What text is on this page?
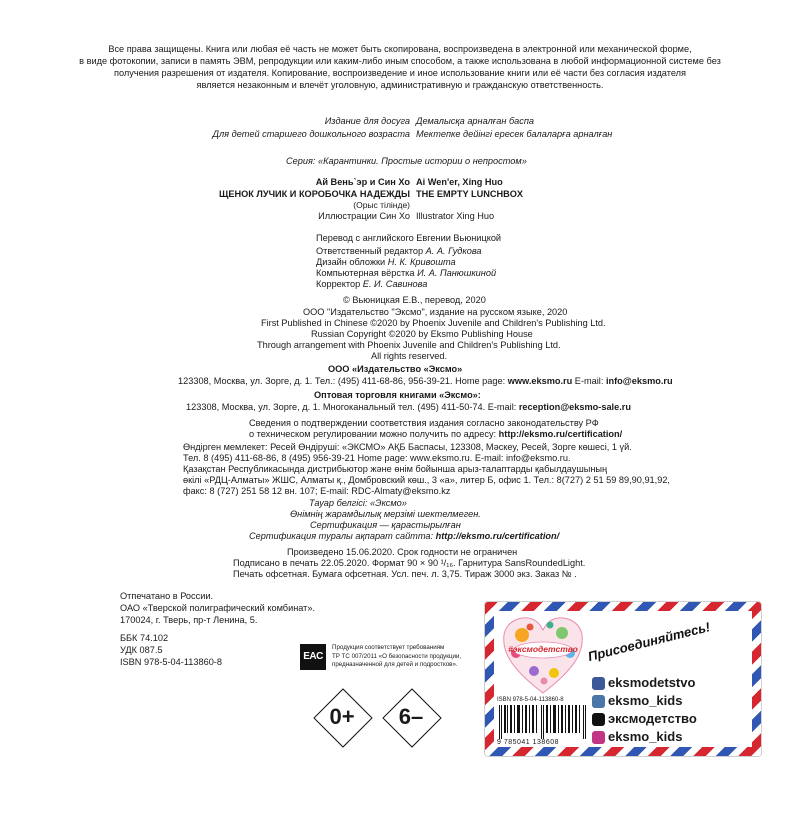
Все права защищены. Книга или любая её часть не может быть скопирована, воспроизведена в электронной или механической форме,
в виде фотокопии, записи в память ЭВМ, репродукции или каким-либо иным способом, а также использована в любой информационной системе без
получения разрешения от издателя. Копирование, воспроизведение и иное использование книги или её части без согласия издателя
является незаконным и влечёт уголовную, административную и гражданскую ответственность.
Издание для досуга Демалысқа арналған баспа
Для детей старшего дошкольного возраста Мектепке дейінгі ересек балаларға арналған
Серия: «Карантинки. Простые истории о непростом»
Ай Вень`эр и Син Хо Ai Wen'er, Xing Huo
ЩЕНОК ЛУЧИК И КОРОБОЧКА НАДЕЖДЫ THE EMPTY LUNCHBOX
(Орыс тілінде)
Иллюстрации Син Хо Illustrator Xing Huo
Перевод с английского Евгении Вьюницкой
Ответственный редактор А. А. Гудкова
Дизайн обложки Н. К. Кривошта
Компьютерная вёрстка И. А. Панюшкиной
Корректор Е. И. Савинова
© Вьюницкая Е.В., перевод, 2020
ООО "Издательство "Эксмо", издание на русском языке, 2020
First Published in Chinese ©2020 by Phoenix Juvenile and Children's Publishing Ltd.
Russian Copyright ©2020 by Eksmo Publishing House
Through arrangement with Phoenix Juvenile and Children's Publishing Ltd.
All rights reserved.
ООО «Издательство «Эксмо»
123308, Москва, ул. Зорге, д. 1. Тел.: (495) 411-68-86, 956-39-21. Home page: www.eksmo.ru E-mail: info@eksmo.ru
Оптовая торговля книгами «Эксмо»:
123308, Москва, ул. Зорге, д. 1. Многоканальный тел. (495) 411-50-74. E-mail: reception@eksmo-sale.ru
Сведения о подтверждении соответствия издания согласно законодательству РФ
о техническом регулировании можно получить по адресу: http://eksmo.ru/certification/
Өндірген мемлекет: Ресей Өндіруші: «ЭКСМО» АҚБ Баспасы, 123308, Мәскеу, Ресей, Зорге көшесі, 1 үй.
Тел. 8 (495) 411-68-86, 8 (495) 956-39-21 Home page: www.eksmo.ru. E-mail: info@eksmo.ru.
Қазақстан Республикасында дистрибьютор және өнім бойынша арыз-талаптарды қабылдаушының
өкілі «РДЦ-Алматы» ЖШС, Алматы қ., Домбровский көш., 3 «а», литер Б, офис 1. Тел.: 8(727) 2 51 59 89,90,91,92,
факс: 8 (727) 251 58 12 вн. 107; E-mail: RDC-Almaty@eksmo.kz
Тауар белгісі: «Эксмо»
Өнімнің жарамдылық мерзімі шектелмеген.
Сертификация — қарастырылған
Сертификация туралы ақпарат сайтта: http://eksmo.ru/certification/
Произведено 15.06.2020. Срок годности не ограничен
Подписано в печать 22.05.2020. Формат 90 × 90 ¹/₁₆. Гарнитура SansRoundedLight.
Печать офсетная. Бумага офсетная. Усл. печ. л. 3,75. Тираж 3000 экз. Заказ № .
Отпечатано в России.
ОАО «Тверской полиграфический комбинат».
170024, г. Тверь, пр-т Ленина, 5.
ББК 74.102
УДК 087.5
ISBN 978-5-04-113860-8	EAC
Продукция соответствует требованиям
ТР ТС 007/2011 «О безопасности продукции,
предназначенной для детей и подростков».
0+	6–
#эксмодетство Присоединяйтесь!
eksmodetstvo
eksmo_kids
эксмодетство
eksmo_kids
ISBN 978-5-04-113860-8
9 785041 138608
